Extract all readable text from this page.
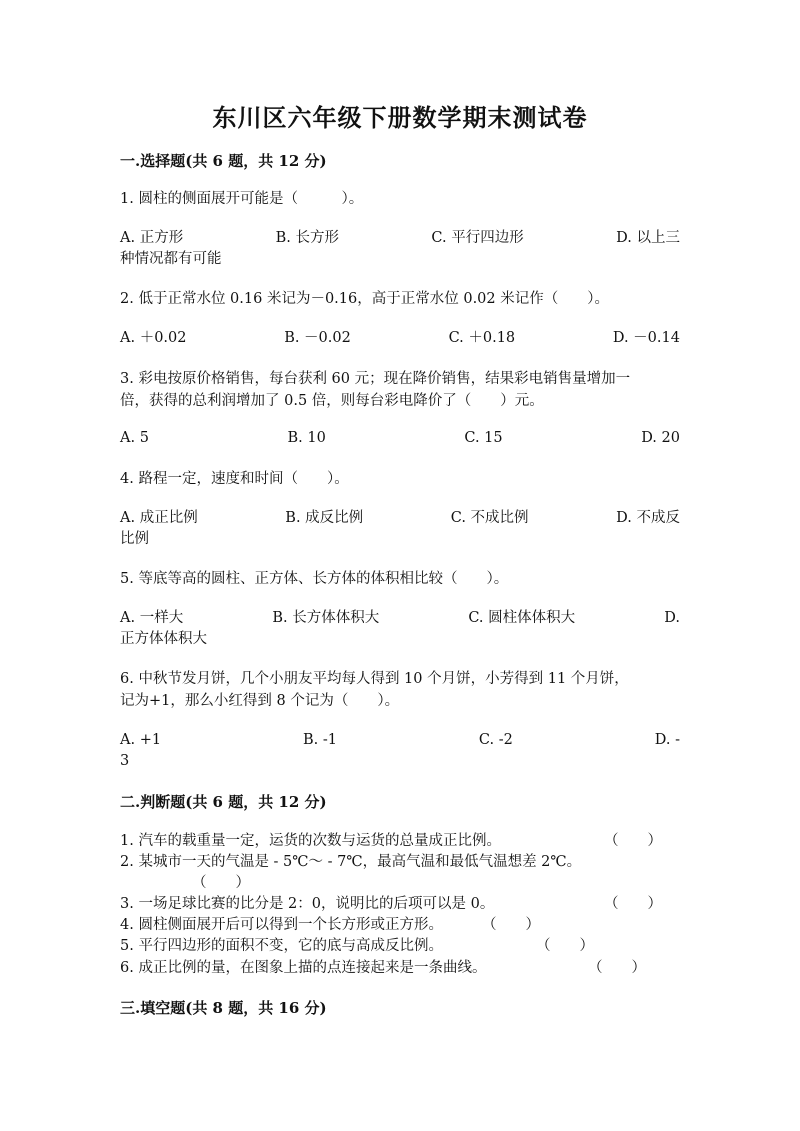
东川区六年级下册数学期末测试卷
一.选择题(共 6 题，共 12 分)
1. 圆柱的侧面展开可能是（　　　）。
A. 正方形	B. 长方形	C. 平行四边形	D. 以上三
种情况都有可能
2. 低于正常水位 0.16 米记为－0.16，高于正常水位 0.02 米记作（　　）。
A. ＋0.02	B. －0.02	C. ＋0.18	D. －0.14
3. 彩电按原价格销售，每台获利 60 元；现在降价销售，结果彩电销售量增加一
倍，获得的总利润增加了 0.5 倍，则每台彩电降价了（　　）元。
A. 5	B. 10	C. 15	D. 20
4. 路程一定，速度和时间（　　）。
A. 成正比例	B. 成反比例	C. 不成比例	D. 不成反
比例
5. 等底等高的圆柱、正方体、长方体的体积相比较（　　）。
A. 一样大	B. 长方体体积大	C. 圆柱体体积大	D.
正方体体积大
6. 中秋节发月饼，几个小朋友平均每人得到 10 个月饼，小芳得到 11 个月饼，
记为+1，那么小红得到 8 个记为（　　）。
A. +1	B. -1	C. -2	D. -
3
二.判断题(共 6 题，共 12 分)
1. 汽车的载重量一定，运货的次数与运货的总量成正比例。	（　　）
2. 某城市一天的气温是 - 5℃～ - 7℃，最高气温和最低气温想差 2℃。
（　　）
3. 一场足球比赛的比分是 2：0，说明比的后项可以是 0。	（　　）
4. 圆柱侧面展开后可以得到一个长方形或正方形。	（　　）
5. 平行四边形的面积不变，它的底与高成反比例。	（　　）
6. 成正比例的量，在图象上描的点连接起来是一条曲线。	（　　）
三.填空题(共 8 题，共 16 分)
